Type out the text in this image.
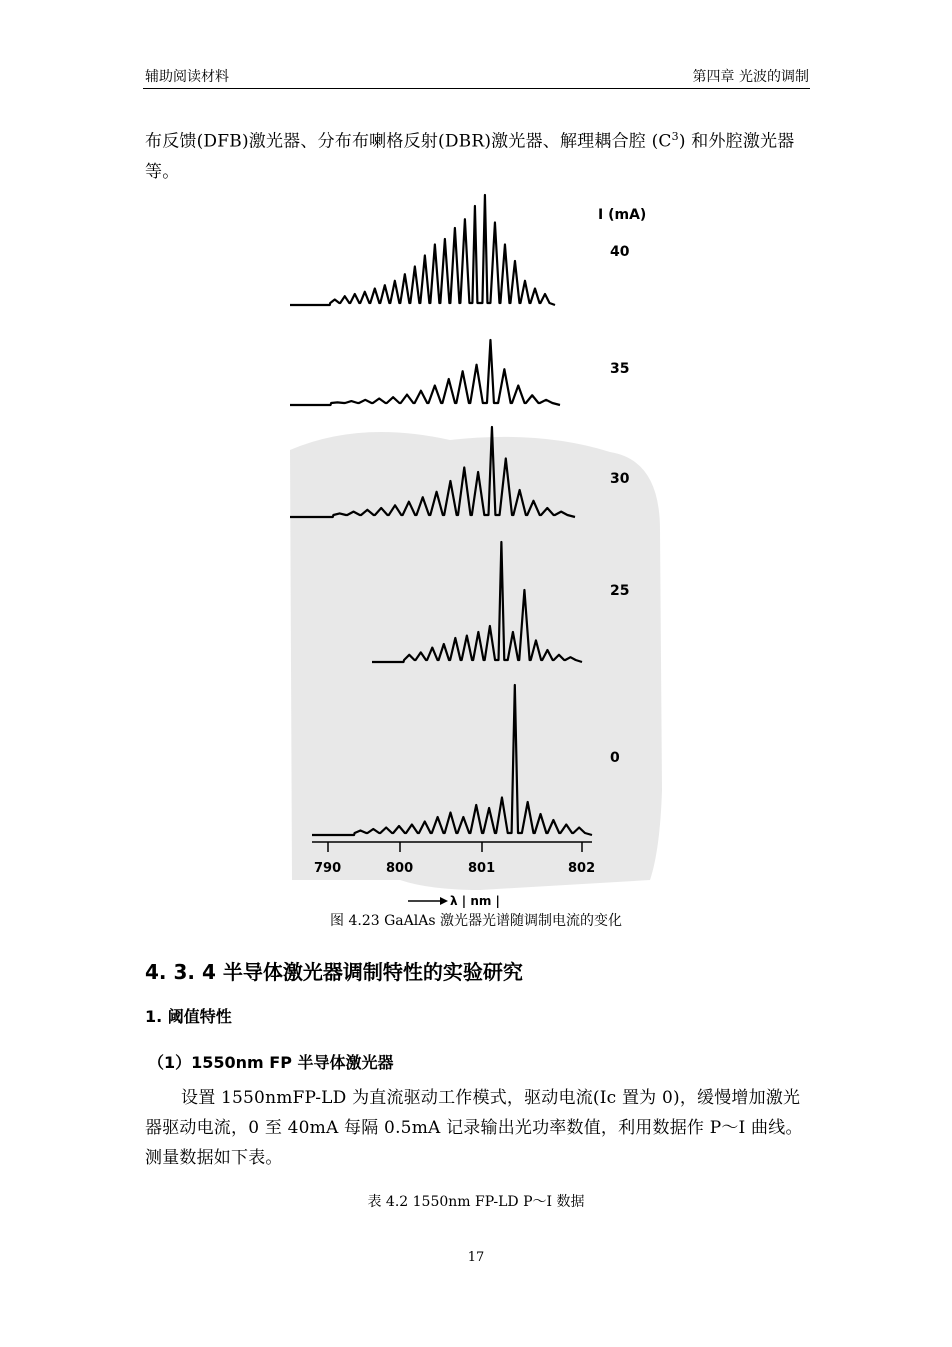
辅助阅读材料	第四章 光波的调制
布反馈(DFB)激光器、分布布喇格反射(DBR)激光器、解理耦合腔 $(C^3)$ 和外腔激光器等。
I (mA)
40
35
30
25
0
790	800	801	802
λ | nm |
图 4.23 GaAlAs 激光器光谱随调制电流的变化
4. 3. 4 半导体激光器调制特性的实验研究
1. 阈值特性
（1）1550nm FP 半导体激光器
设置 1550nmFP-LD 为直流驱动工作模式，驱动电流(Ic 置为 0)，缓慢增加激光器驱动电流，0 至 40mA 每隔 0.5mA 记录输出光功率数值，利用数据作 P～I 曲线。测量数据如下表。
表 4.2 1550nm FP-LD P～I 数据
17
